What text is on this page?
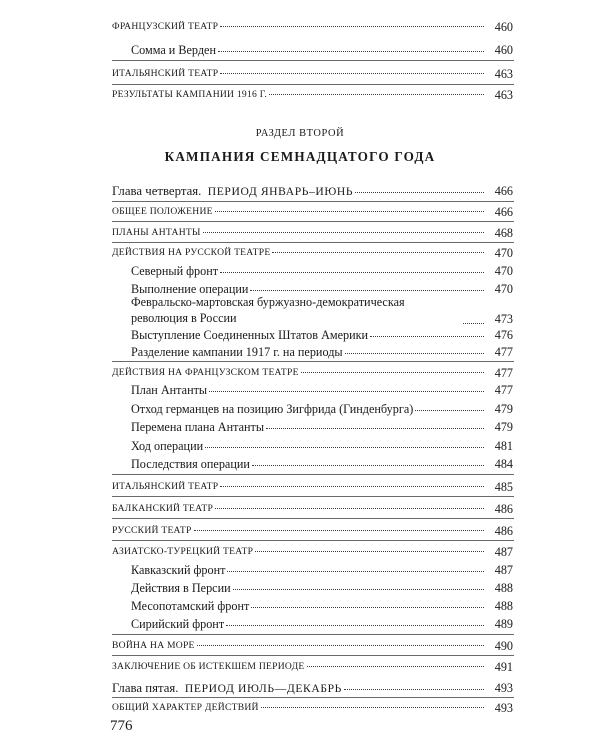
ФРАНЦУЗСКИЙ ТЕАТР	460
Сомма и Верден	460
ИТАЛЬЯНСКИЙ ТЕАТР	463
РЕЗУЛЬТАТЫ КАМПАНИИ 1916 Г.	463
РАЗДЕЛ ВТОРОЙ
КАМПАНИЯ СЕМНАДЦАТОГО ГОДА
Глава четвертая. ПЕРИОД ЯНВАРЬ–ИЮНЬ	466
ОБЩЕЕ ПОЛОЖЕНИЕ	466
ПЛАНЫ АНТАНТЫ	468
ДЕЙСТВИЯ НА РУССКОЙ ТЕАТРЕ	470
Северный фронт	470
Выполнение операции	470
Февральско-мартовская буржуазно-демократическая революция в России	473
Выступление Соединенных Штатов Америки	476
Разделение кампании 1917 г. на периоды	477
ДЕЙСТВИЯ НА ФРАНЦУЗСКОМ ТЕАТРЕ	477
План Антанты	477
Отход германцев на позицию Зигфрида (Гинденбурга)	479
Перемена плана Антанты	479
Ход операции	481
Последствия операции	484
ИТАЛЬЯНСКИЙ ТЕАТР	485
БАЛКАНСКИЙ ТЕАТР	486
РУССКИЙ ТЕАТР	486
АЗИАТСКО-ТУРЕЦКИЙ ТЕАТР	487
Кавказский фронт	487
Действия в Персии	488
Месопотамский фронт	488
Сирийский фронт	489
ВОЙНА НА МОРЕ	490
ЗАКЛЮЧЕНИЕ ОБ ИСТЕКШЕМ ПЕРИОДЕ	491
Глава пятая. ПЕРИОД ИЮЛЬ—ДЕКАБРЬ	493
ОБЩИЙ ХАРАКТЕР ДЕЙСТВИЙ	493
776
